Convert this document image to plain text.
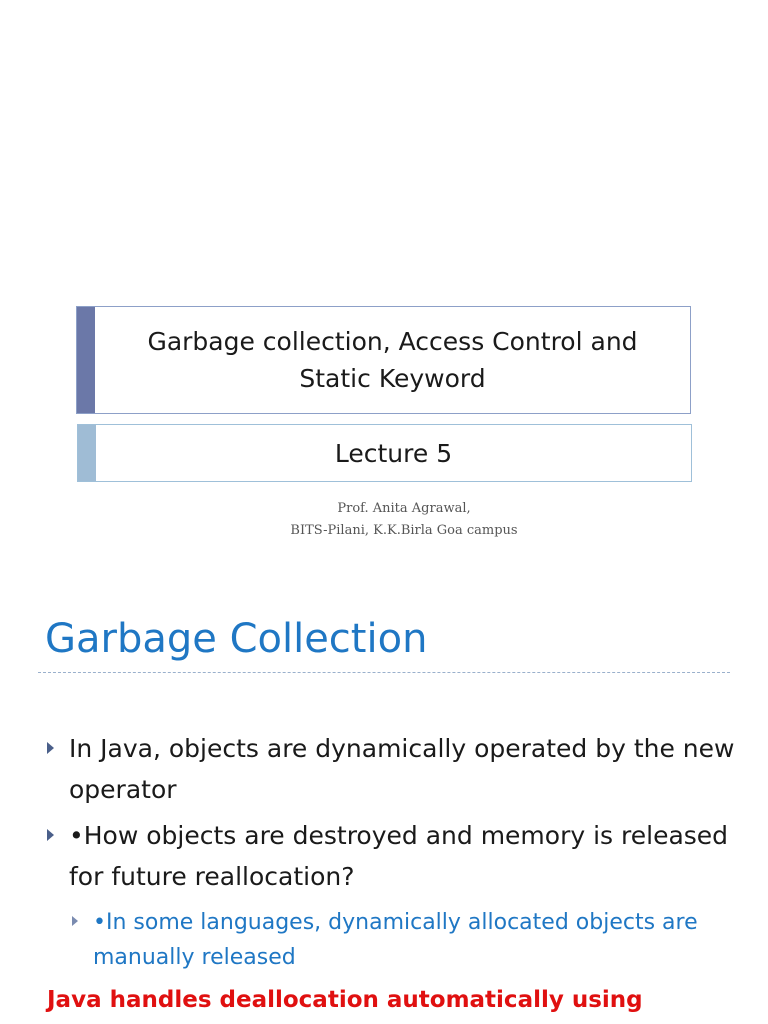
Garbage collection, Access Control and Static Keyword
Lecture 5
Prof. Anita Agrawal,
BITS-Pilani, K.K.Birla Goa campus
Garbage Collection
In Java, objects are dynamically operated by the new operator
•How objects are destroyed and memory is released for future reallocation?
•In some languages, dynamically allocated objects are manually released
Java handles deallocation automatically using
